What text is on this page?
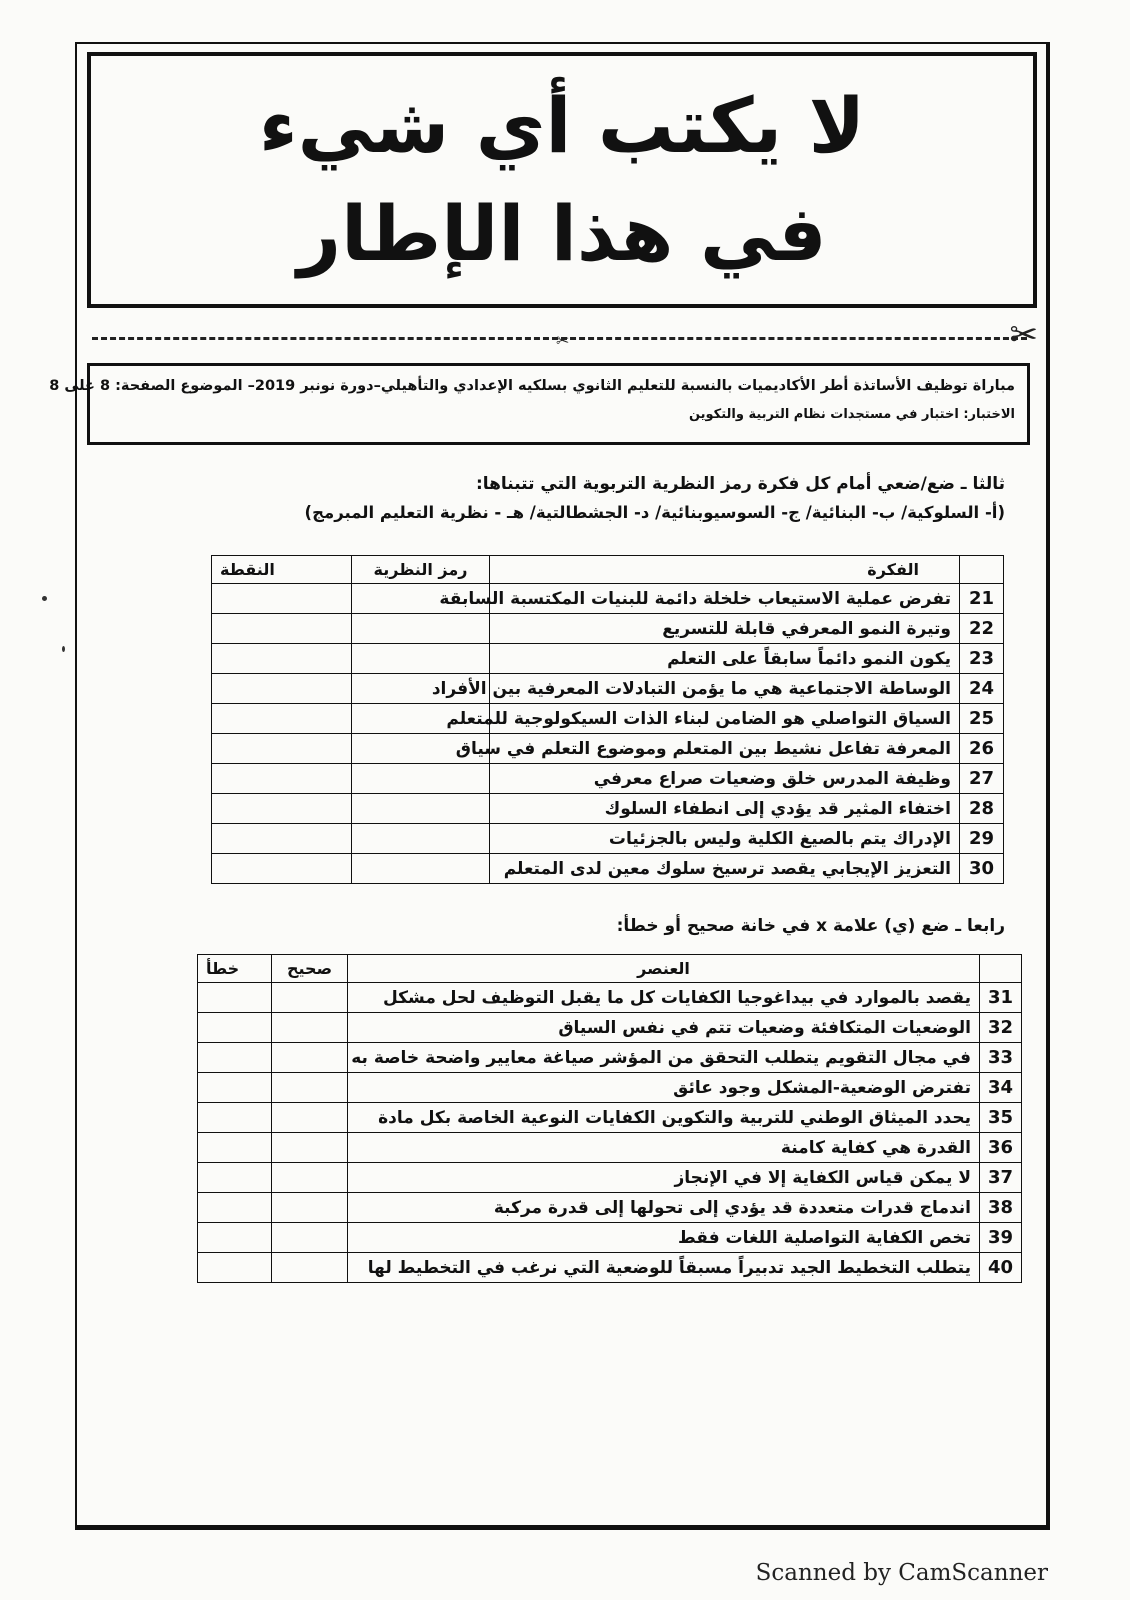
لا يكتب أي شيء
في هذا الإطار
✂
✂
مباراة توظيف الأساتذة أطر الأكاديميات بالنسبة للتعليم الثانوي بسلكيه الإعدادي والتأهيلي–دورة نونبر 2019– الموضوع الصفحة: 8 على 8
الاختبار: اختبار في مستجدات نظام التربية والتكوين
ثالثا ـ ضع/ضعي أمام كل فكرة رمز النظرية التربوية التي تتبناها:
(أ- السلوكية/ ب- البنائية/ ج- السوسيوبنائية/ د- الجشطالتية/ هـ - نظرية التعليم المبرمج)
	الفكرة	رمز النظرية	النقطة
21	تفرض عملية الاستيعاب خلخلة دائمة للبنيات المكتسبة السابقة		
22	وتيرة النمو المعرفي قابلة للتسريع		
23	يكون النمو دائماً سابقاً على التعلم		
24	الوساطة الاجتماعية هي ما يؤمن التبادلات المعرفية بين الأفراد		
25	السياق التواصلي هو الضامن لبناء الذات السيكولوجية للمتعلم		
26	المعرفة تفاعل نشيط بين المتعلم وموضوع التعلم في سياق		
27	وظيفة المدرس خلق وضعيات صراع معرفي		
28	اختفاء المثير قد يؤدي إلى انطفاء السلوك		
29	الإدراك يتم بالصيغ الكلية وليس بالجزئيات		
30	التعزيز الإيجابي يقصد ترسيخ سلوك معين لدى المتعلم		
رابعا ـ ضع (ي) علامة x في خانة صحيح أو خطأ:
	العنصر	صحيح	خطأ
31	يقصد بالموارد في بيداغوجيا الكفايات كل ما يقبل التوظيف لحل مشكل		
32	الوضعيات المتكافئة وضعيات تتم في نفس السياق		
33	في مجال التقويم يتطلب التحقق من المؤشر صياغة معايير واضحة خاصة به		
34	تفترض الوضعية-المشكل وجود عائق		
35	يحدد الميثاق الوطني للتربية والتكوين الكفايات النوعية الخاصة بكل مادة		
36	القدرة هي كفاية كامنة		
37	لا يمكن قياس الكفاية إلا في الإنجاز		
38	اندماج قدرات متعددة قد يؤدي إلى تحولها إلى قدرة مركبة		
39	تخص الكفاية التواصلية اللغات فقط		
40	يتطلب التخطيط الجيد تدبيراً مسبقاً للوضعية التي نرغب في التخطيط لها		
Scanned by CamScanner
